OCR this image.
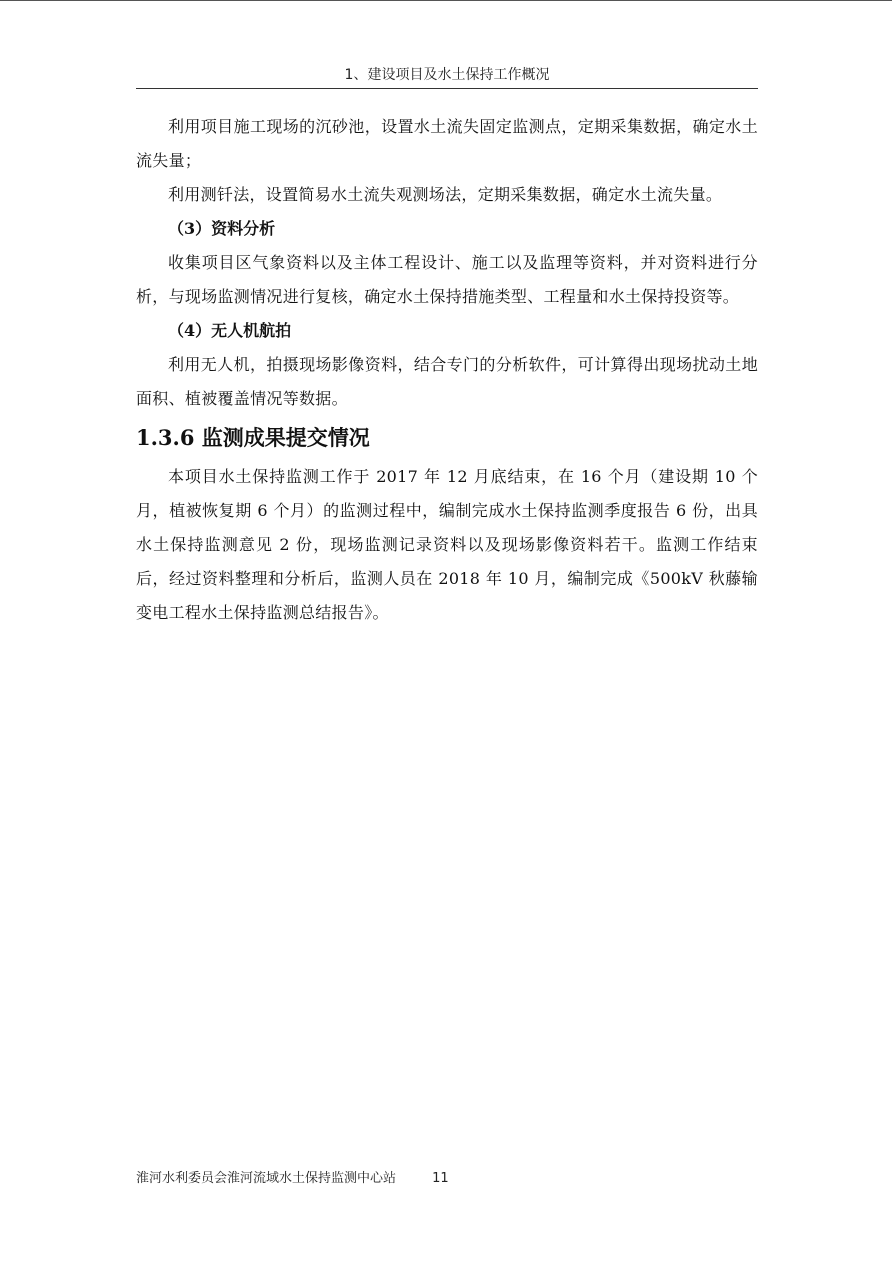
1、建设项目及水土保持工作概况

利用项目施工现场的沉砂池，设置水土流失固定监测点，定期采集数据，确定水土流失量；

利用测钎法，设置简易水土流失观测场法，定期采集数据，确定水土流失量。

（3）资料分析

收集项目区气象资料以及主体工程设计、施工以及监理等资料，并对资料进行分析，与现场监测情况进行复核，确定水土保持措施类型、工程量和水土保持投资等。

（4）无人机航拍

利用无人机，拍摄现场影像资料，结合专门的分析软件，可计算得出现场扰动土地面积、植被覆盖情况等数据。

1.3.6 监测成果提交情况

本项目水土保持监测工作于 2017 年 12 月底结束，在 16 个月（建设期 10 个月，植被恢复期 6 个月）的监测过程中，编制完成水土保持监测季度报告 6 份，出具水土保持监测意见 2 份，现场监测记录资料以及现场影像资料若干。监测工作结束后，经过资料整理和分析后，监测人员在 2018 年 10 月，编制完成《500kV 秋藤输变电工程水土保持监测总结报告》。

淮河水利委员会淮河流域水土保持监测中心站	11
